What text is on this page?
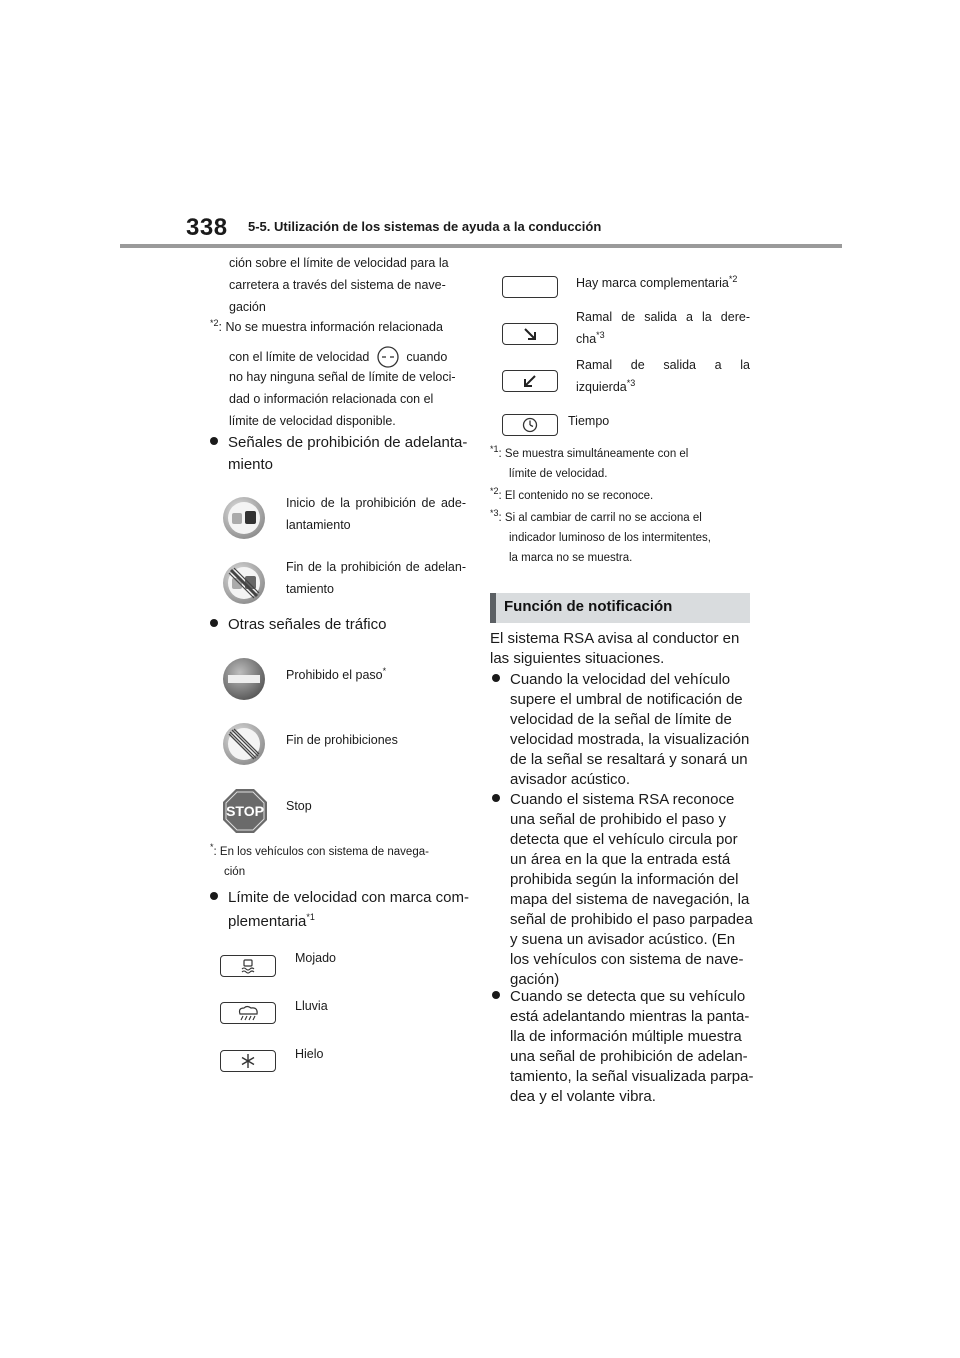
338 5-5. Utilización de los sistemas de ayuda a la conducción
ción sobre el límite de velocidad para la
carretera a través del sistema de nave-
gación
$^{*2}$: No se muestra información relacionada
con el límite de velocidad	cuando
no hay ninguna señal de límite de veloci-
dad o información relacionada con el
límite de velocidad disponible.
Señales de prohibición de adelanta-
miento
Inicio de la prohibición de ade-
lantamiento
Fin de la prohibición de adelan-
tamiento
Otras señales de tráfico
Prohibido el paso*
Fin de prohibiciones
STOP Stop
*: En los vehículos con sistema de navega-
ción
Límite de velocidad con marca com-
plementaria$^{*1}$
Mojado
Lluvia
Hielo
Hay marca complementaria$^{*2}$
Ramal de salida a la dere-
cha$^{*3}$
Ramal de salida a la
izquierda$^{*3}$
Tiempo
$^{*1}$: Se muestra simultáneamente con el
límite de velocidad.
$^{*2}$: El contenido no se reconoce.
$^{*3}$: Si al cambiar de carril no se acciona el
indicador luminoso de los intermitentes,
la marca no se muestra.
Función de notificación
El sistema RSA avisa al conductor en
las siguientes situaciones.
Cuando la velocidad del vehículo
supere el umbral de notificación de
velocidad de la señal de límite de
velocidad mostrada, la visualización
de la señal se resaltará y sonará un
avisador acústico.
Cuando el sistema RSA reconoce
una señal de prohibido el paso y
detecta que el vehículo circula por
un área en la que la entrada está
prohibida según la información del
mapa del sistema de navegación, la
señal de prohibido el paso parpadea
y suena un avisador acústico. (En
los vehículos con sistema de nave-
gación)
Cuando se detecta que su vehículo
está adelantando mientras la panta-
lla de información múltiple muestra
una señal de prohibición de adelan-
tamiento, la señal visualizada parpa-
dea y el volante vibra.
